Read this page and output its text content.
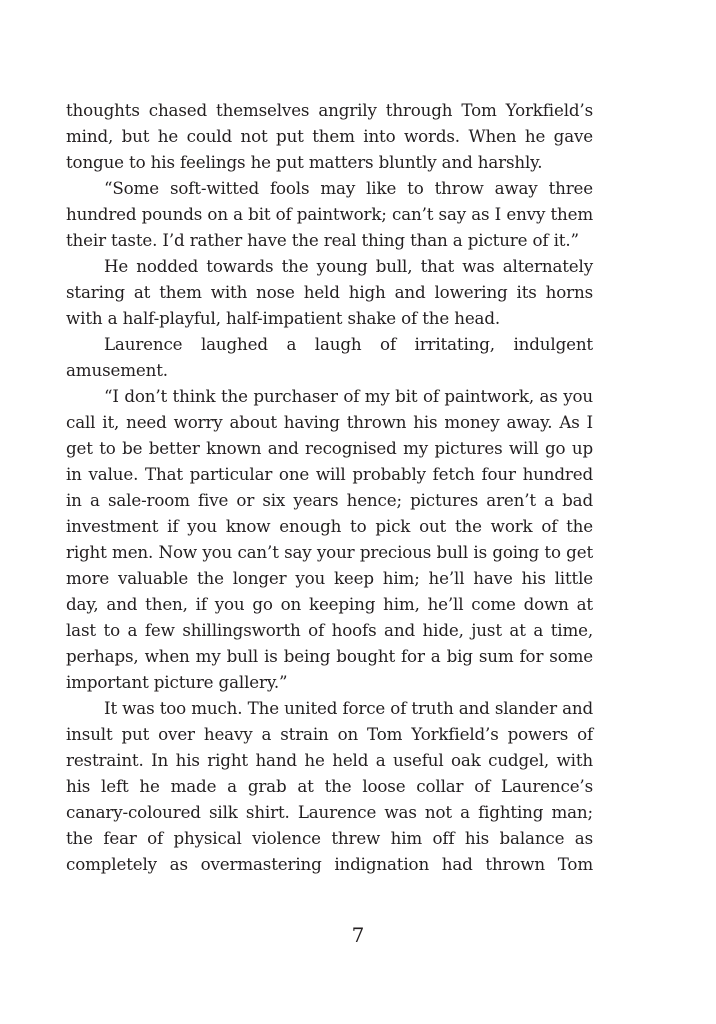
thoughts chased themselves angrily through Tom Yorkfield’s mind, but he could not put them into words. When he gave tongue to his feelings he put matters bluntly and harshly.

“Some soft-witted fools may like to throw away three hundred pounds on a bit of paintwork; can’t say as I envy them their taste. I’d rather have the real thing than a picture of it.”

He nodded towards the young bull, that was alternately staring at them with nose held high and lowering its horns with a half-playful, half-impatient shake of the head.

Laurence laughed a laugh of irritating, indulgent amusement.

“I don’t think the purchaser of my bit of paintwork, as you call it, need worry about having thrown his money away. As I get to be better known and recognised my pictures will go up in value. That particular one will probably fetch four hundred in a sale-room five or six years hence; pictures aren’t a bad investment if you know enough to pick out the work of the right men. Now you can’t say your precious bull is going to get more valuable the longer you keep him; he’ll have his little day, and then, if you go on keeping him, he’ll come down at last to a few shillingsworth of hoofs and hide, just at a time, perhaps, when my bull is being bought for a big sum for some important picture gallery.”

It was too much. The united force of truth and slander and insult put over heavy a strain on Tom Yorkfield’s powers of restraint. In his right hand he held a useful oak cudgel, with his left he made a grab at the loose collar of Laurence’s canary-coloured silk shirt. Laurence was not a fighting man; the fear of physical violence threw him off his balance as completely as overmastering indignation had thrown Tom

7
